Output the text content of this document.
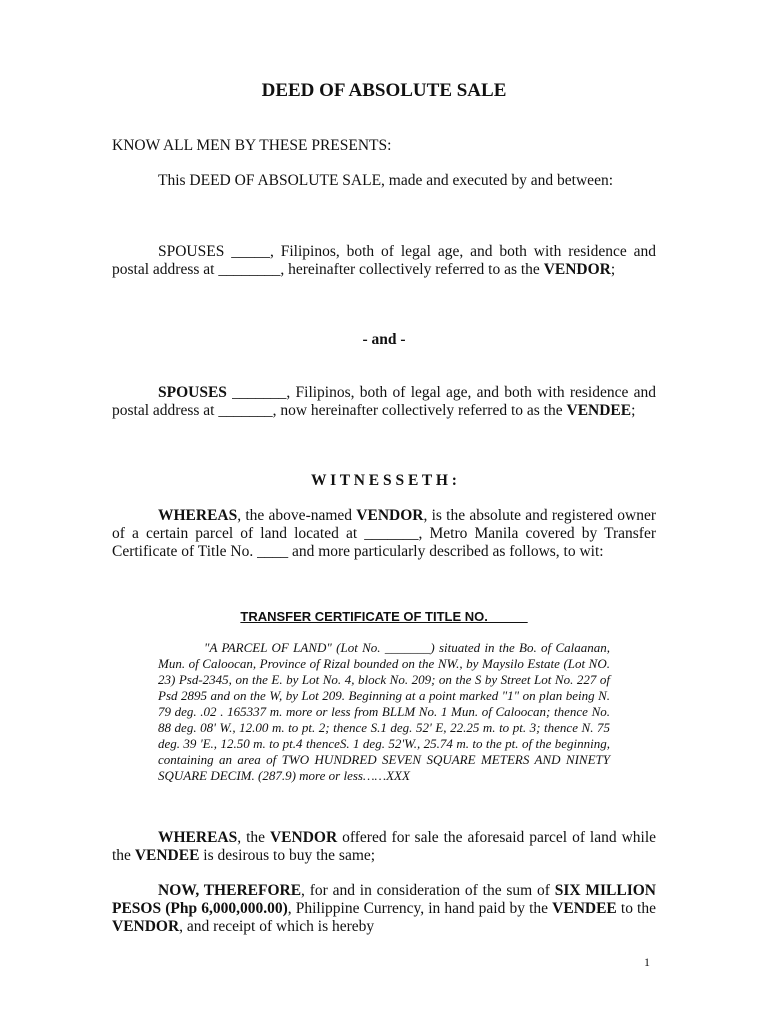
DEED OF ABSOLUTE SALE
KNOW ALL MEN BY THESE PRESENTS:

This DEED OF ABSOLUTE SALE, made and executed by and between:

SPOUSES _____, Filipinos, both of legal age, and both with residence and postal address at ________, hereinafter collectively referred to as the VENDOR;

- and -

SPOUSES _______, Filipinos, both of legal age, and both with residence and postal address at _______, now hereinafter collectively referred to as the VENDEE;

W I T N E S S E T H :

WHEREAS, the above-named VENDOR, is the absolute and registered owner of a certain parcel of land located at _______, Metro Manila covered by Transfer Certificate of Title No. ____ and more particularly described as follows, to wit:

TRANSFER CERTIFICATE OF TITLE NO. _____

"A PARCEL OF LAND" (Lot No. _______) situated in the Bo. of Calaanan, Mun. of Caloocan, Province of Rizal bounded on the NW., by Maysilo Estate (Lot NO. 23) Psd-2345, on the E. by Lot No. 4, block No. 209; on the S by Street Lot No. 227 of Psd 2895 and on the W, by Lot 209. Beginning at a point marked "1" on plan being N. 79 deg. .02 . 165337 m. more or less from BLLM No. 1 Mun. of Caloocan; thence No. 88 deg. 08' W., 12.00 m. to pt. 2; thence S.1 deg. 52' E, 22.25 m. to pt. 3; thence N. 75 deg. 39 'E., 12.50 m. to pt.4 thenceS. 1 deg. 52'W., 25.74 m. to the pt. of the beginning, containing an area of TWO HUNDRED SEVEN SQUARE METERS AND NINETY SQUARE DECIM. (287.9) more or less……XXX

WHEREAS, the VENDOR offered for sale the aforesaid parcel of land while the VENDEE is desirous to buy the same;

NOW, THEREFORE, for and in consideration of the sum of SIX MILLION PESOS (Php 6,000,000.00), Philippine Currency, in hand paid by the VENDEE to the VENDOR, and receipt of which is hereby

1
